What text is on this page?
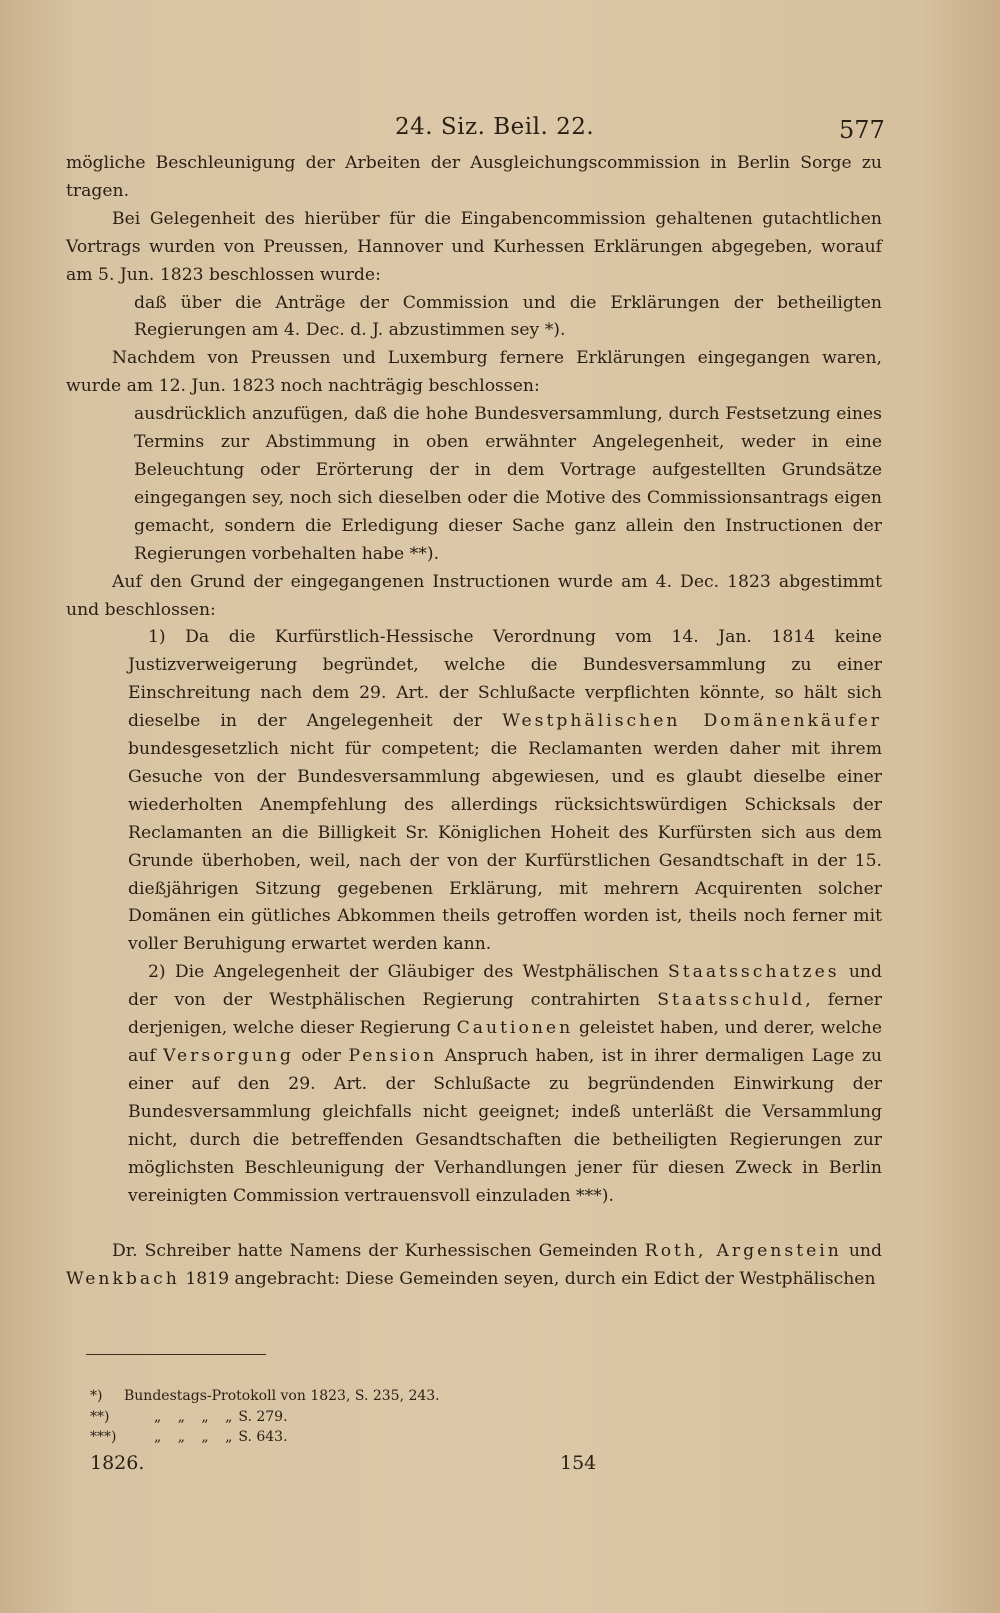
24. Siz. Beil. 22.	577

mögliche Beschleunigung der Arbeiten der Ausgleichungscommission in Berlin Sorge zu tragen.

Bei Gelegenheit des hierüber für die Eingabencommission gehaltenen gutachtlichen Vortrags wurden von Preussen, Hannover und Kurhessen Erklärungen abgegeben, worauf am 5. Jun. 1823 beschlossen wurde:

daß über die Anträge der Commission und die Erklärungen der betheiligten Regierungen am 4. Dec. d. J. abzustimmen sey *).

Nachdem von Preussen und Luxemburg fernere Erklärungen eingegangen waren, wurde am 12. Jun. 1823 noch nachträgig beschlossen:

ausdrücklich anzufügen, daß die hohe Bundesversammlung, durch Festsetzung eines Termins zur Abstimmung in oben erwähnter Angelegenheit, weder in eine Beleuchtung oder Erörterung der in dem Vortrage aufgestellten Grundsätze eingegangen sey, noch sich dieselben oder die Motive des Commissionsantrags eigen gemacht, sondern die Erledigung dieser Sache ganz allein den Instructionen der Regierungen vorbehalten habe **).

Auf den Grund der eingegangenen Instructionen wurde am 4. Dec. 1823 abgestimmt und beschlossen:

1) Da die Kurfürstlich-Hessische Verordnung vom 14. Jan. 1814 keine Justizverweigerung begründet, welche die Bundesversammlung zu einer Einschreitung nach dem 29. Art. der Schlußacte verpflichten könnte, so hält sich dieselbe in der Angelegenheit der Westphälischen Domänenkäufer bundesgesetzlich nicht für competent; die Reclamanten werden daher mit ihrem Gesuche von der Bundesversammlung abgewiesen, und es glaubt dieselbe einer wiederholten Anempfehlung des allerdings rücksichtswürdigen Schicksals der Reclamanten an die Billigkeit Sr. Königlichen Hoheit des Kurfürsten sich aus dem Grunde überhoben, weil, nach der von der Kurfürstlichen Gesandtschaft in der 15. dießjährigen Sitzung gegebenen Erklärung, mit mehrern Acquirenten solcher Domänen ein gütliches Abkommen theils getroffen worden ist, theils noch ferner mit voller Beruhigung erwartet werden kann.

2) Die Angelegenheit der Gläubiger des Westphälischen Staatsschatzes und der von der Westphälischen Regierung contrahirten Staatsschuld, ferner derjenigen, welche dieser Regierung Cautionen geleistet haben, und derer, welche auf Versorgung oder Pension Anspruch haben, ist in ihrer dermaligen Lage zu einer auf den 29. Art. der Schlußacte zu begründenden Einwirkung der Bundesversammlung gleichfalls nicht geeignet; indeß unterläßt die Versammlung nicht, durch die betreffenden Gesandtschaften die betheiligten Regierungen zur möglichsten Beschleunigung der Verhandlungen jener für diesen Zweck in Berlin vereinigten Commission vertrauensvoll einzuladen ***).

Dr. Schreiber hatte Namens der Kurhessischen Gemeinden Roth, Argenstein und Wenkbach 1819 angebracht: Diese Gemeinden seyen, durch ein Edict der Westphälischen

*)	Bundestags-Protokoll von 1823, S. 235, 243.
**)	„ „ „ „ S. 279.
***)	„ „ „ „ S. 643.
1826.	154
